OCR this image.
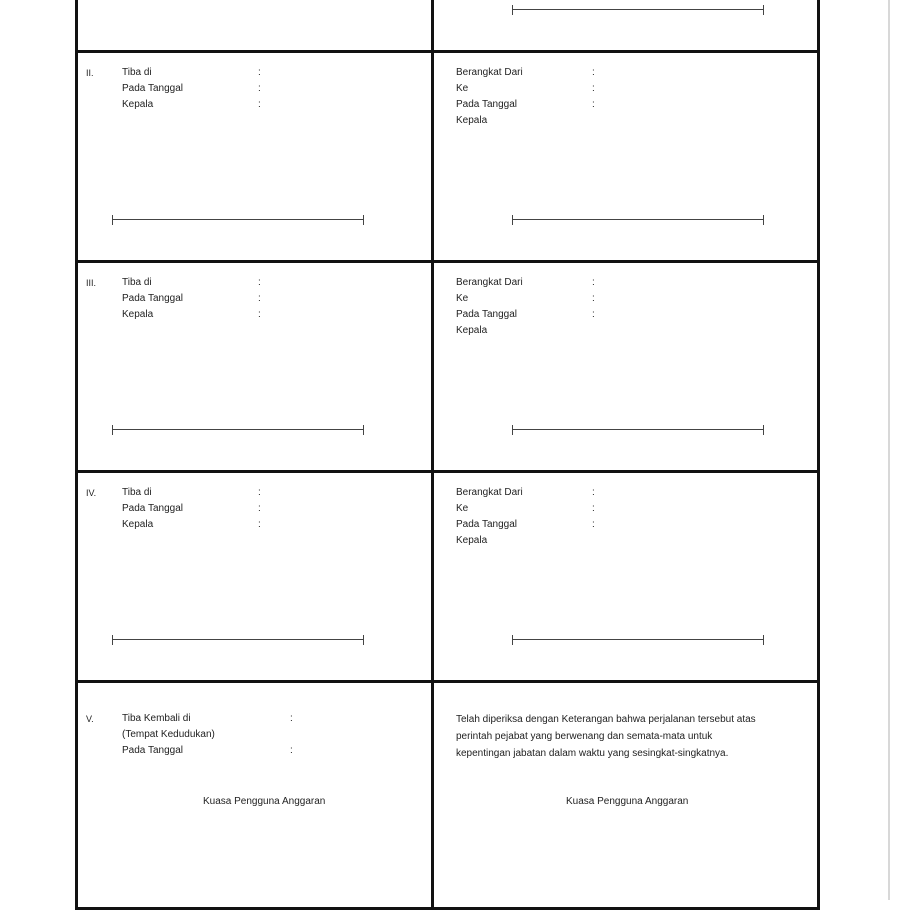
II.	Tiba di	:
Pada Tanggal	:
Kepala	:
Berangkat Dari	:
Ke	:
Pada Tanggal	:
Kepala
III.	Tiba di	:
Pada Tanggal	:
Kepala	:
Berangkat Dari	:
Ke	:
Pada Tanggal	:
Kepala
IV.	Tiba di	:
Pada Tanggal	:
Kepala	:
Berangkat Dari	:
Ke	:
Pada Tanggal	:
Kepala
V.	Tiba Kembali di	:
(Tempat Kedudukan)
Pada Tanggal	:
Kuasa Pengguna Anggaran
Telah diperiksa dengan Keterangan bahwa perjalanan tersebut atas perintah pejabat yang berwenang dan semata-mata untuk kepentingan jabatan dalam waktu yang sesingkat-singkatnya.
Kuasa Pengguna Anggaran
